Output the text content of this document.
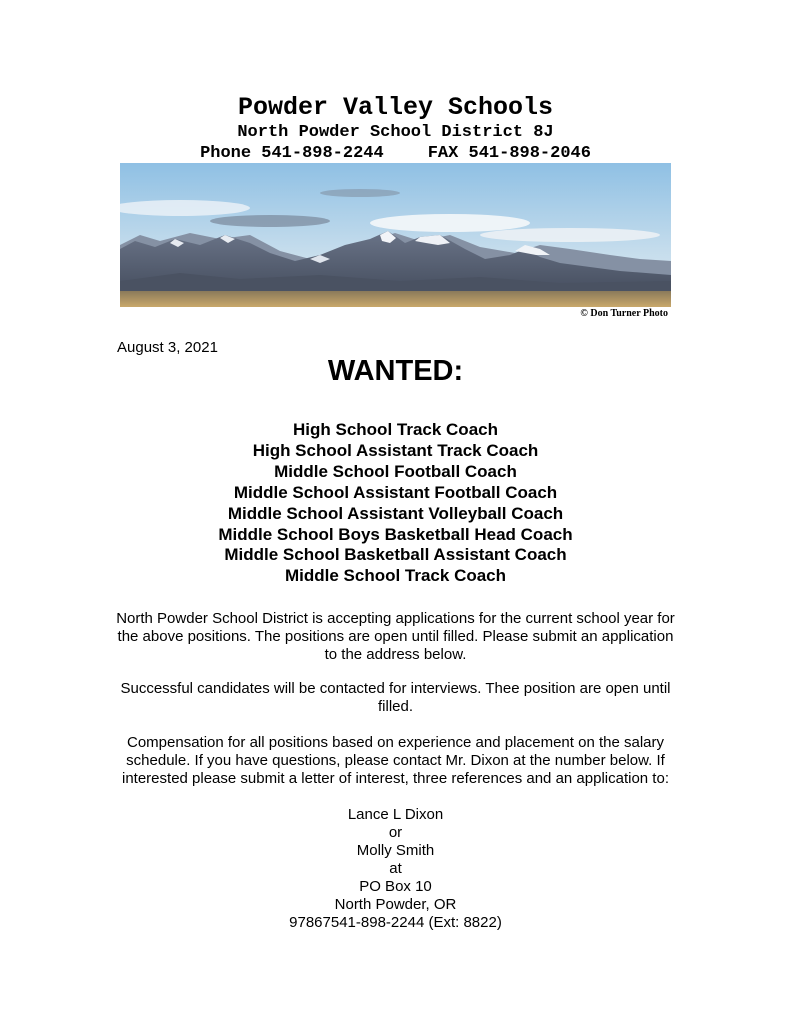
Powder Valley Schools
North Powder School District 8J
Phone 541-898-2244	FAX 541-898-2046
© Don Turner Photo
August 3, 2021
WANTED:
High School Track Coach
High School Assistant Track Coach
Middle School Football Coach
Middle School Assistant Football Coach
Middle School Assistant Volleyball Coach
Middle School Boys Basketball Head Coach
Middle School Basketball Assistant Coach
Middle School Track Coach

North Powder School District is accepting applications for the current school year for the above positions. The positions are open until filled. Please submit an application to the address below.

Successful candidates will be contacted for interviews. Thee position are open until filled.

Compensation for all positions based on experience and placement on the salary schedule. If you have questions, please contact Mr. Dixon at the number below. If interested please submit a letter of interest, three references and an application to:

Lance L Dixon
or
Molly Smith
at
PO Box 10
North Powder, OR
97867541-898-2244 (Ext: 8822)
